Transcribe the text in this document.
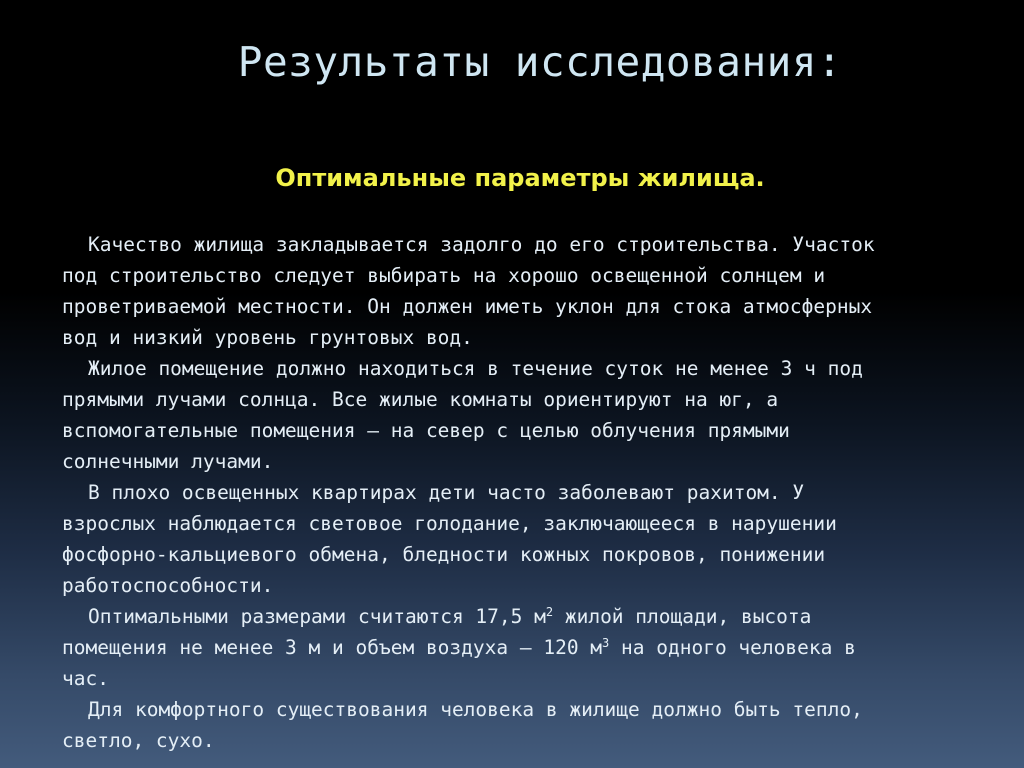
Результаты исследования:
Оптимальные параметры жилища.
Качество жилища закладывается задолго до его строительства. Участок
под строительство следует выбирать на хорошо освещенной солнцем и
проветриваемой местности. Он должен иметь уклон для стока атмосферных
вод и низкий уровень грунтовых вод.
Жилое помещение должно находиться в течение суток не менее 3 ч под
прямыми лучами солнца. Все жилые комнаты ориентируют на юг, а
вспомогательные помещения — на север с целью облучения прямыми
солнечными лучами.
В плохо освещенных квартирах дети часто заболевают рахитом. У
взрослых наблюдается световое голодание, заключающееся в нарушении
фосфорно-кальциевого обмена, бледности кожных покровов, понижении
работоспособности.
Оптимальными размерами считаются 17,5 $м^2$ жилой площади, высота
помещения не менее 3 м и объем воздуха — 120 $м^3$ на одного человека в
час.
Для комфортного существования человека в жилище должно быть тепло,
светло, сухо.
